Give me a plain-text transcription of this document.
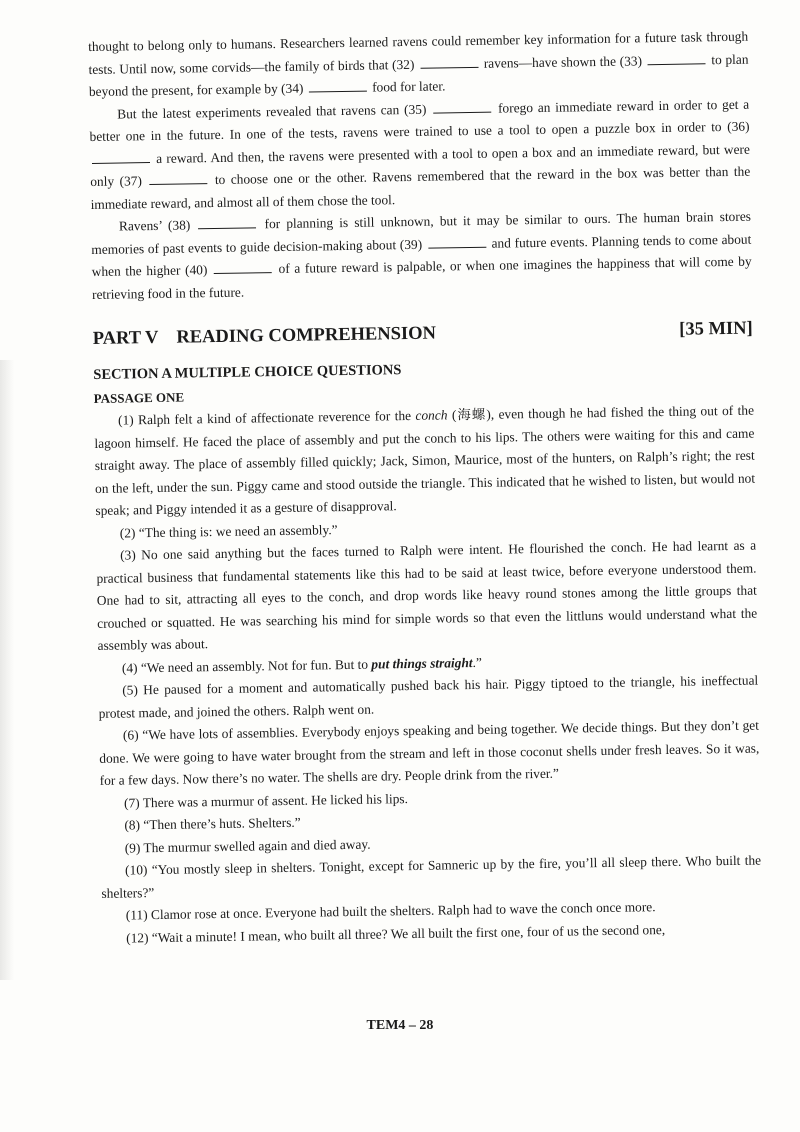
thought to belong only to humans. Researchers learned ravens could remember key information for a future task through tests. Until now, some corvids—the family of birds that (32)	ravens—have shown the (33)	to plan beyond the present, for example by (34)	food for later.

But the latest experiments revealed that ravens can (35)	forego an immediate reward in order to get a better one in the future. In one of the tests, ravens were trained to use a tool to open a puzzle box in order to (36)  a reward. And then, the ravens were presented with a tool to open a box and an immediate reward, but were only (37)	to choose one or the other. Ravens remembered that the reward in the box was better than the immediate reward, and almost all of them chose the tool.

Ravens’ (38)	for planning is still unknown, but it may be similar to ours. The human brain stores memories of past events to guide decision-making about (39)	and future events. Planning tends to come about when the higher (40)	of a future reward is palpable, or when one imagines the happiness that will come by retrieving food in the future.

PART V READING COMPREHENSION	[35 MIN]
SECTION A MULTIPLE CHOICE QUESTIONS
PASSAGE ONE

(1) Ralph felt a kind of affectionate reverence for the conch (海螺), even though he had fished the thing out of the lagoon himself. He faced the place of assembly and put the conch to his lips. The others were waiting for this and came straight away. The place of assembly filled quickly; Jack, Simon, Maurice, most of the hunters, on Ralph’s right; the rest on the left, under the sun. Piggy came and stood outside the triangle. This indicated that he wished to listen, but would not speak; and Piggy intended it as a gesture of disapproval.

(2) “The thing is: we need an assembly.”

(3) No one said anything but the faces turned to Ralph were intent. He flourished the conch. He had learnt as a practical business that fundamental statements like this had to be said at least twice, before everyone understood them. One had to sit, attracting all eyes to the conch, and drop words like heavy round stones among the little groups that crouched or squatted. He was searching his mind for simple words so that even the littluns would understand what the assembly was about.

(4) “We need an assembly. Not for fun. But to put things straight.”

(5) He paused for a moment and automatically pushed back his hair. Piggy tiptoed to the triangle, his ineffectual protest made, and joined the others. Ralph went on.

(6) “We have lots of assemblies. Everybody enjoys speaking and being together. We decide things. But they don’t get done. We were going to have water brought from the stream and left in those coconut shells under fresh leaves. So it was, for a few days. Now there’s no water. The shells are dry. People drink from the river.”

(7) There was a murmur of assent. He licked his lips.

(8) “Then there’s huts. Shelters.”

(9) The murmur swelled again and died away.

(10) “You mostly sleep in shelters. Tonight, except for Samneric up by the fire, you’ll all sleep there. Who built the shelters?”

(11) Clamor rose at once. Everyone had built the shelters. Ralph had to wave the conch once more.

(12) “Wait a minute! I mean, who built all three? We all built the first one, four of us the second one,

TEM4 – 28
